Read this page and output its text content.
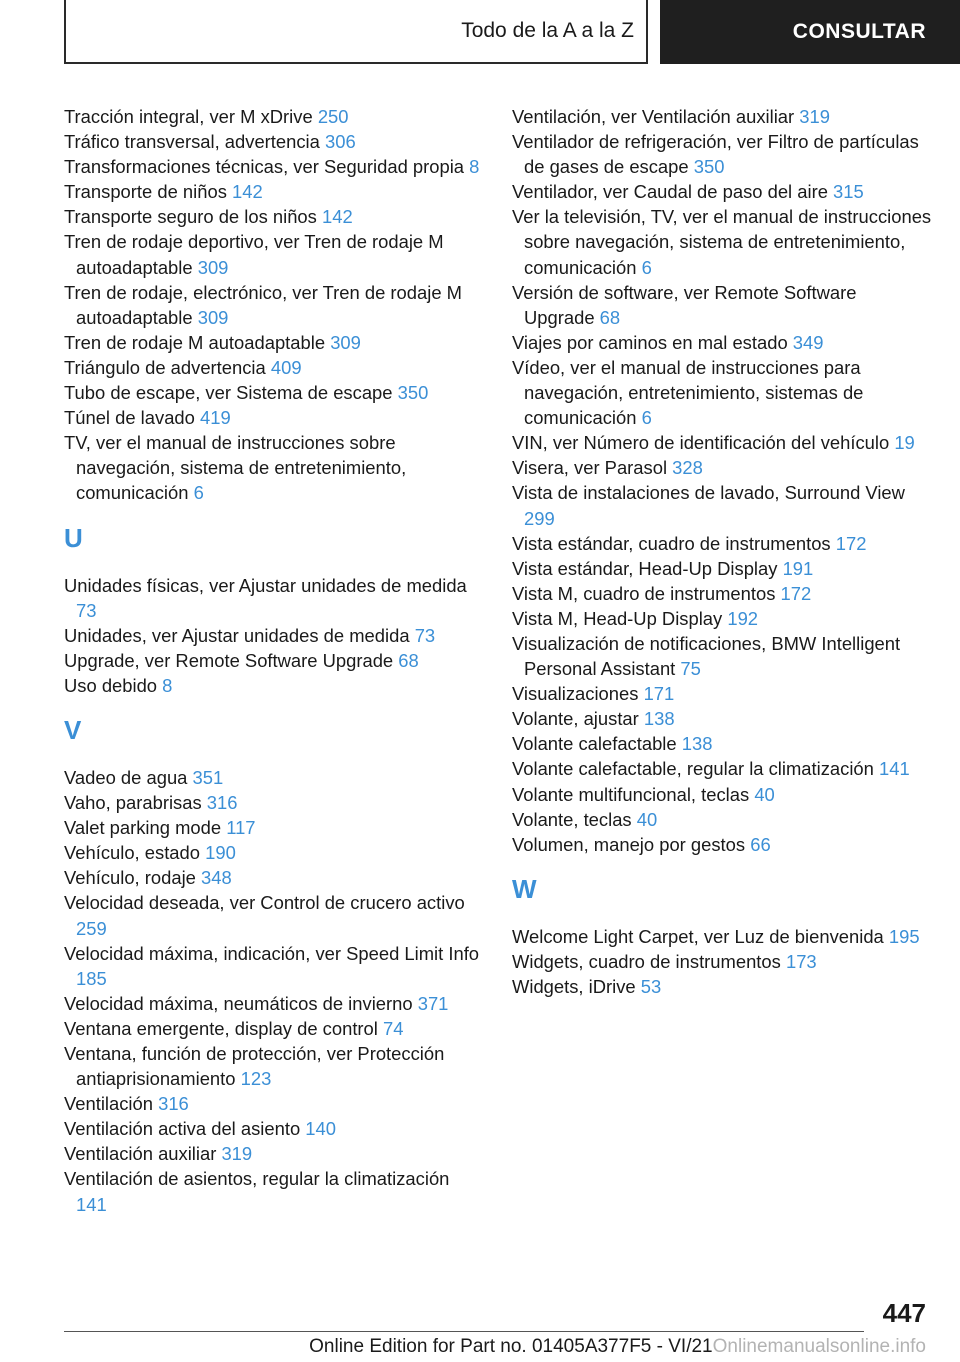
Todo de la A a la Z	CONSULTAR
Tracción integral, ver M xDrive 250
Tráfico transversal, advertencia 306
Transformaciones técnicas, ver Seguridad propia 8
Transporte de niños 142
Transporte seguro de los niños 142
Tren de rodaje deportivo, ver Tren de rodaje M autoadaptable 309
Tren de rodaje, electrónico, ver Tren de rodaje M autoadaptable 309
Tren de rodaje M autoadaptable 309
Triángulo de advertencia 409
Tubo de escape, ver Sistema de escape 350
Túnel de lavado 419
TV, ver el manual de instrucciones sobre navegación, sistema de entretenimiento, comunicación 6
U
Unidades físicas, ver Ajustar unidades de medida 73
Unidades, ver Ajustar unidades de medida 73
Upgrade, ver Remote Software Upgrade 68
Uso debido 8
V
Vadeo de agua 351
Vaho, parabrisas 316
Valet parking mode 117
Vehículo, estado 190
Vehículo, rodaje 348
Velocidad deseada, ver Control de crucero activo 259
Velocidad máxima, indicación, ver Speed Limit Info 185
Velocidad máxima, neumáticos de invierno 371
Ventana emergente, display de control 74
Ventana, función de protección, ver Protección antiaprisionamiento 123
Ventilación 316
Ventilación activa del asiento 140
Ventilación auxiliar 319
Ventilación de asientos, regular la climatización 141
Ventilación, ver Ventilación auxiliar 319
Ventilador de refrigeración, ver Filtro de partículas de gases de escape 350
Ventilador, ver Caudal de paso del aire 315
Ver la televisión, TV, ver el manual de instrucciones sobre navegación, sistema de entretenimiento, comunicación 6
Versión de software, ver Remote Software Upgrade 68
Viajes por caminos en mal estado 349
Vídeo, ver el manual de instrucciones para navegación, entretenimiento, sistemas de comunicación 6
VIN, ver Número de identificación del vehículo 19
Visera, ver Parasol 328
Vista de instalaciones de lavado, Surround View 299
Vista estándar, cuadro de instrumentos 172
Vista estándar, Head-Up Display 191
Vista M, cuadro de instrumentos 172
Vista M, Head-Up Display 192
Visualización de notificaciones, BMW Intelligent Personal Assistant 75
Visualizaciones 171
Volante, ajustar 138
Volante calefactable 138
Volante calefactable, regular la climatización 141
Volante multifuncional, teclas 40
Volante, teclas 40
Volumen, manejo por gestos 66
W
Welcome Light Carpet, ver Luz de bienvenida 195
Widgets, cuadro de instrumentos 173
Widgets, iDrive 53
447
Online Edition for Part no. 01405A377F5 - VI/21Onlinemanualsonline.info
